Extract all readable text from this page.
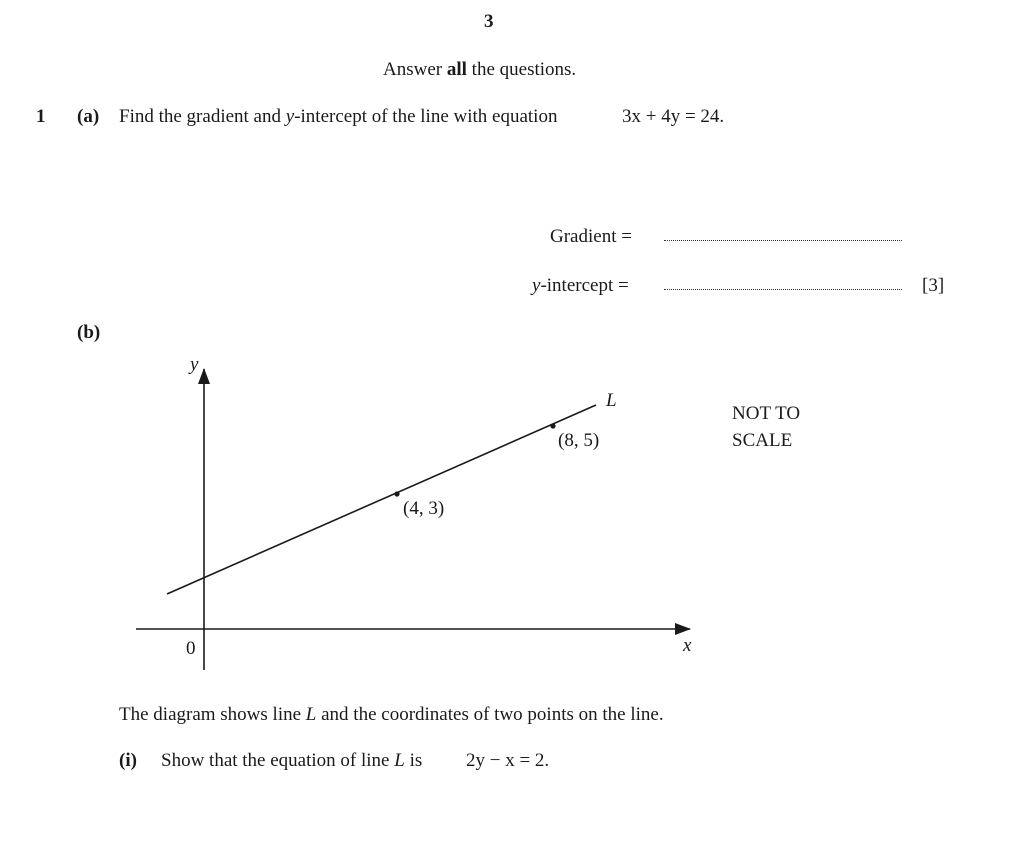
3
Answer all the questions.
1 (a) Find the gradient and y-intercept of the line with equation	3x + 4y = 24.
Gradient =
y-intercept =	[3]
(b)
y
x
0
L
(4, 3)
(8, 5)
NOT TO
SCALE
The diagram shows line L and the coordinates of two points on the line.
(i) Show that the equation of line L is 2y − x = 2.
